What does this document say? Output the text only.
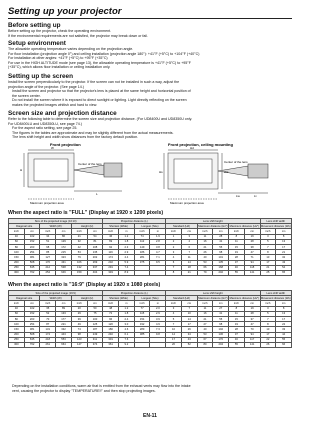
Setting up your projector
Before setting up
Before setting up the projector, check the operating environment.
If the environmental requirements are not satisfied, the projector may break down or fail.
Setup environment
The allowable operating temperature varies depending on the projection angle.
For floor installation (projection angle 0°) and ceiling installation (projection angle 180°): +41°F (+5°C) to +104°F (+40°C)
For installation at other angles: +41°F (+5°C) to +95°F (+35°C)
For use in the HIGH ALTITUDE mode (see page 13), the allowable operating temperature is +41°F (+5°C) to +95°F
(+35°C), which allows floor installation or ceiling installation only.
Setting up the screen
Install the screen perpendicularly to the projector. If the screen can not be installed in such a way, adjust the
projection angle of the projector. (See page 14.)
• Install the screen and projector so that the projector's lens is placed at the same height and horizontal position of
the screen center.
• Do not install the screen where it is exposed to direct sunlight or lighting. Light directly reflecting on the screen
makes the projected images whitish and hard to view.
Screen size and projection distance
Refer to the following table to determine the screen size and projection distance. (For UD8400U and UD8350U only.
For UD8400LU and UD8350LU, see page 74.)
• For the aspect ratio setting, see page 25.
• The figures in the tables are approximate and may be slightly different from the actual measurements.
• The lens shift height and width show distances from the factory default position.
Front projection
W
H
L
Center of the lens
Maximum projection area
Front projection, ceiling mounting
Hd
Hs	Ws
Lw	Lt
Center of the lens
Maximum projection area
When the aspect ratio is "FULL" (Display at 1920 x 1200 pixels)
Size of the projected image (16:10)						Projection distance (L)				Lens shift height						Lens shift width	
Diagonal size		Width (W)		Height (H)		Shortest (Wide)		Longest (Tele)		Standard (Hd)		Maximum distance (Hs*)		Maximum distance (Hs*)		Movement distance (Ws)	
inch	cm	inch	cm	inch	cm	inch	m	inch	m	inch	cm	inch	cm	inch	cm	inch	cm
40	102	34	86	21	54	46	1.2	74	1.9	1	3	11	28	8	19	3	8
60	152	51	129	32	81	69	1.8	112	2.8	2	4	16	41	11	28	5	13
80	203	68	172	42	108	92	2.3	149	3.8	2	6	21	55	15	38	7	17
100	254	85	215	53	135	116	2.9	186	4.7	3	7	26	68	19	47	8	21
150	381	127	323	79	202	174	4.4	281	7.1	4	11	40	101	28	71	13	32
200	508	170	431	106	269	232	5.9	375	9.5	6	14	53	135	37	94	17	43
250	635	212	538	132	337	291	7.4			7	18	66	168	46	118	21	54
300	762	254	646	159	404	349	8.9			8	21	79	202	55	141	25	65
When the aspect ratio is "16:9" (Display at 1920 x 1080 pixels)
Size of the projected image (16:9)						Projection distance (L)				Lens shift height						Lens shift width	
Diagonal size		Width (W)		Height (H)		Shortest (Wide)		Longest (Tele)		Standard (Hd)		Maximum distance (Hs*)		Maximum distance (Hs*)		Movement distance (Ws)	
inch	cm	inch	cm	inch	cm	inch	m	inch	m	inch	cm	inch	cm	inch	cm	inch	cm
40	102	35	89	20	50	48	1.2	77	2.0	3	7	11	27	8	19	3	8
60	152	52	133	29	75	72	1.8	115	2.9	4	10	16	41	11	28	5	13
80	203	70	177	39	100	96	2.4	154	3.9	5	14	21	55	15	37	7	17
100	254	87	221	49	125	120	3.0	192	4.9	7	17	27	68	19	47	8	22
150	381	131	332	74	187	180	4.6	289	7.3	10	26	40	102	28	70	13	33
200	508	174	443	98	249	240	6.1	385	9.8	14	34	53	136	37	94	17	44
250	635	218	553	123	311	301	7.6			17	43	67	170	46	117	22	55
300	762	261	664	147	374	361	9.2			20	52	80	204	55	141	26	66
• Depending on the installation conditions, warm air that is emitted from the exhaust vents may flow into the intake
vent, causing the projector to display "TEMPERATURE!!" and then stop projecting images.
EN-11
